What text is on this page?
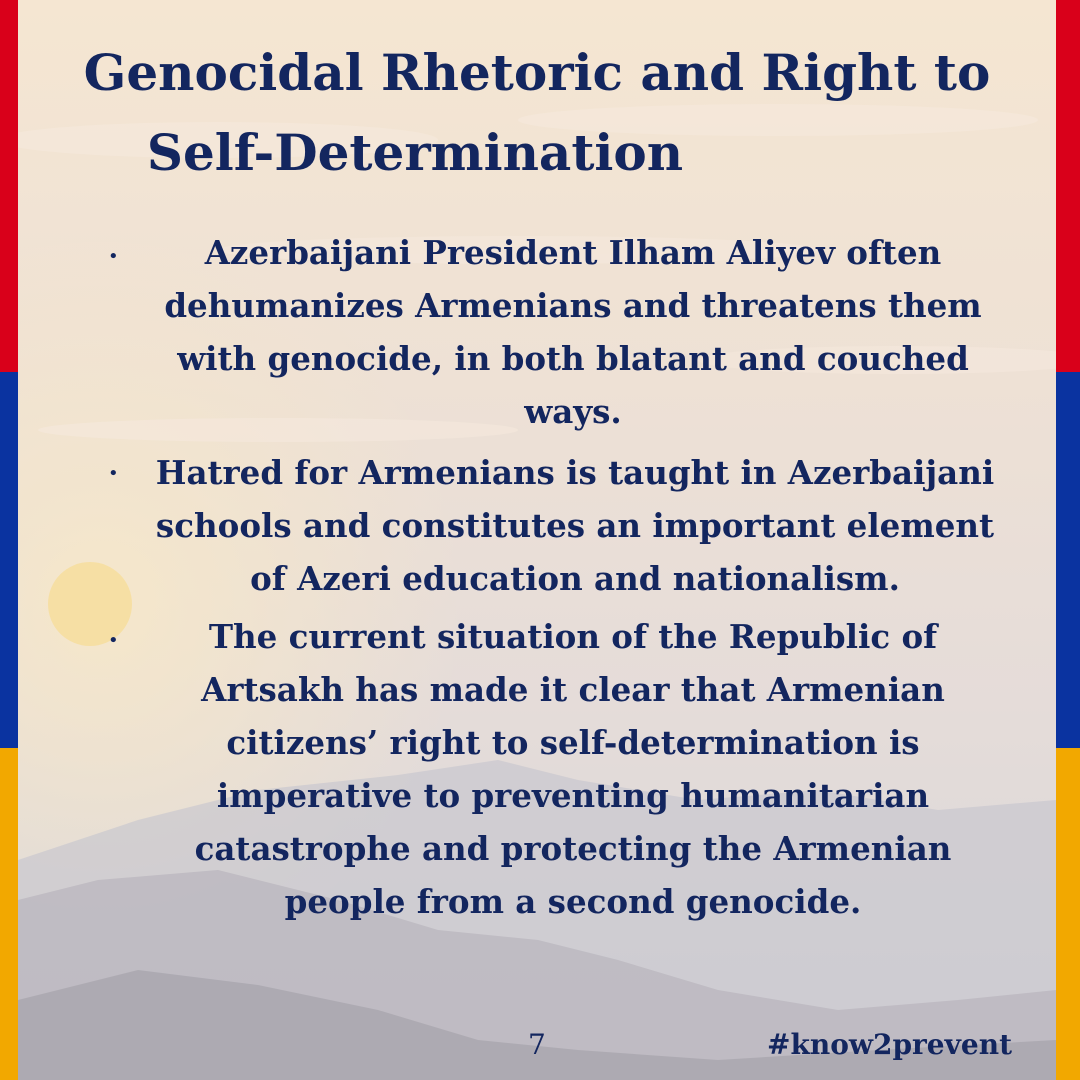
Genocidal Rhetoric and Right to
Self-Determination
•	Azerbaijani President Ilham Aliyev often dehumanizes Armenians and threatens them with genocide, in both blatant and couched ways.

•	Hatred for Armenians is taught in Azerbaijani schools and constitutes an important element of Azeri education and nationalism.

•	The current situation of the Republic of Artsakh has made it clear that Armenian citizens’ right to self-determination is imperative to preventing humanitarian catastrophe and protecting the Armenian people from a second genocide.

7	#know2prevent
